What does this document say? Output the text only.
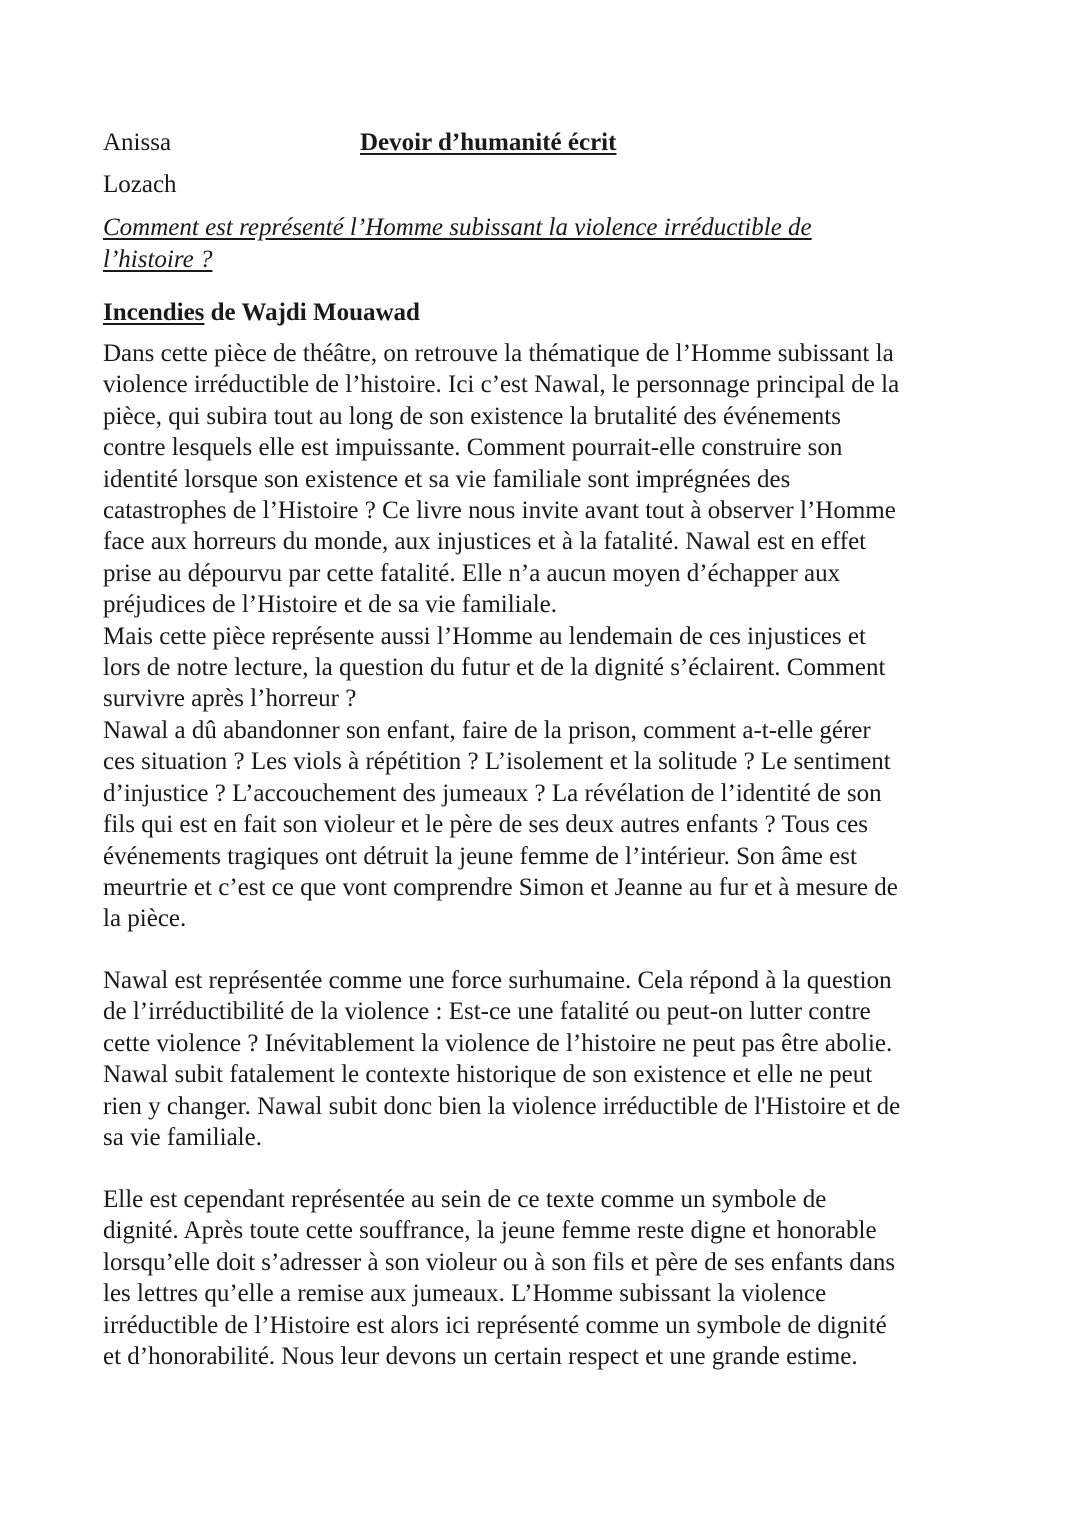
Anissa	Devoir d’humanité écrit
Lozach
Comment est représenté l’Homme subissant la violence irréductible de
l’histoire ?
Incendies de Wajdi Mouawad
Dans cette pièce de théâtre, on retrouve la thématique de l’Homme subissant la
violence irréductible de l’histoire. Ici c’est Nawal, le personnage principal de la
pièce, qui subira tout au long de son existence la brutalité des événements
contre lesquels elle est impuissante. Comment pourrait-elle construire son
identité lorsque son existence et sa vie familiale sont imprégnées des
catastrophes de l’Histoire ? Ce livre nous invite avant tout à observer l’Homme
face aux horreurs du monde, aux injustices et à la fatalité. Nawal est en effet
prise au dépourvu par cette fatalité. Elle n’a aucun moyen d’échapper aux
préjudices de l’Histoire et de sa vie familiale.
Mais cette pièce représente aussi l’Homme au lendemain de ces injustices et
lors de notre lecture, la question du futur et de la dignité s’éclairent. Comment
survivre après l’horreur ?
Nawal a dû abandonner son enfant, faire de la prison, comment a-t-elle gérer
ces situation ? Les viols à répétition ? L’isolement et la solitude ? Le sentiment
d’injustice ? L’accouchement des jumeaux ? La révélation de l’identité de son
fils qui est en fait son violeur et le père de ses deux autres enfants ? Tous ces
événements tragiques ont détruit la jeune femme de l’intérieur. Son âme est
meurtrie et c’est ce que vont comprendre Simon et Jeanne au fur et à mesure de
la pièce.
Nawal est représentée comme une force surhumaine. Cela répond à la question
de l’irréductibilité de la violence : Est-ce une fatalité ou peut-on lutter contre
cette violence ? Inévitablement la violence de l’histoire ne peut pas être abolie.
Nawal subit fatalement le contexte historique de son existence et elle ne peut
rien y changer. Nawal subit donc bien la violence irréductible de l'Histoire et de
sa vie familiale.
Elle est cependant représentée au sein de ce texte comme un symbole de
dignité. Après toute cette souffrance, la jeune femme reste digne et honorable
lorsqu’elle doit s’adresser à son violeur ou à son fils et père de ses enfants dans
les lettres qu’elle a remise aux jumeaux. L’Homme subissant la violence
irréductible de l’Histoire est alors ici représenté comme un symbole de dignité
et d’honorabilité. Nous leur devons un certain respect et une grande estime.
